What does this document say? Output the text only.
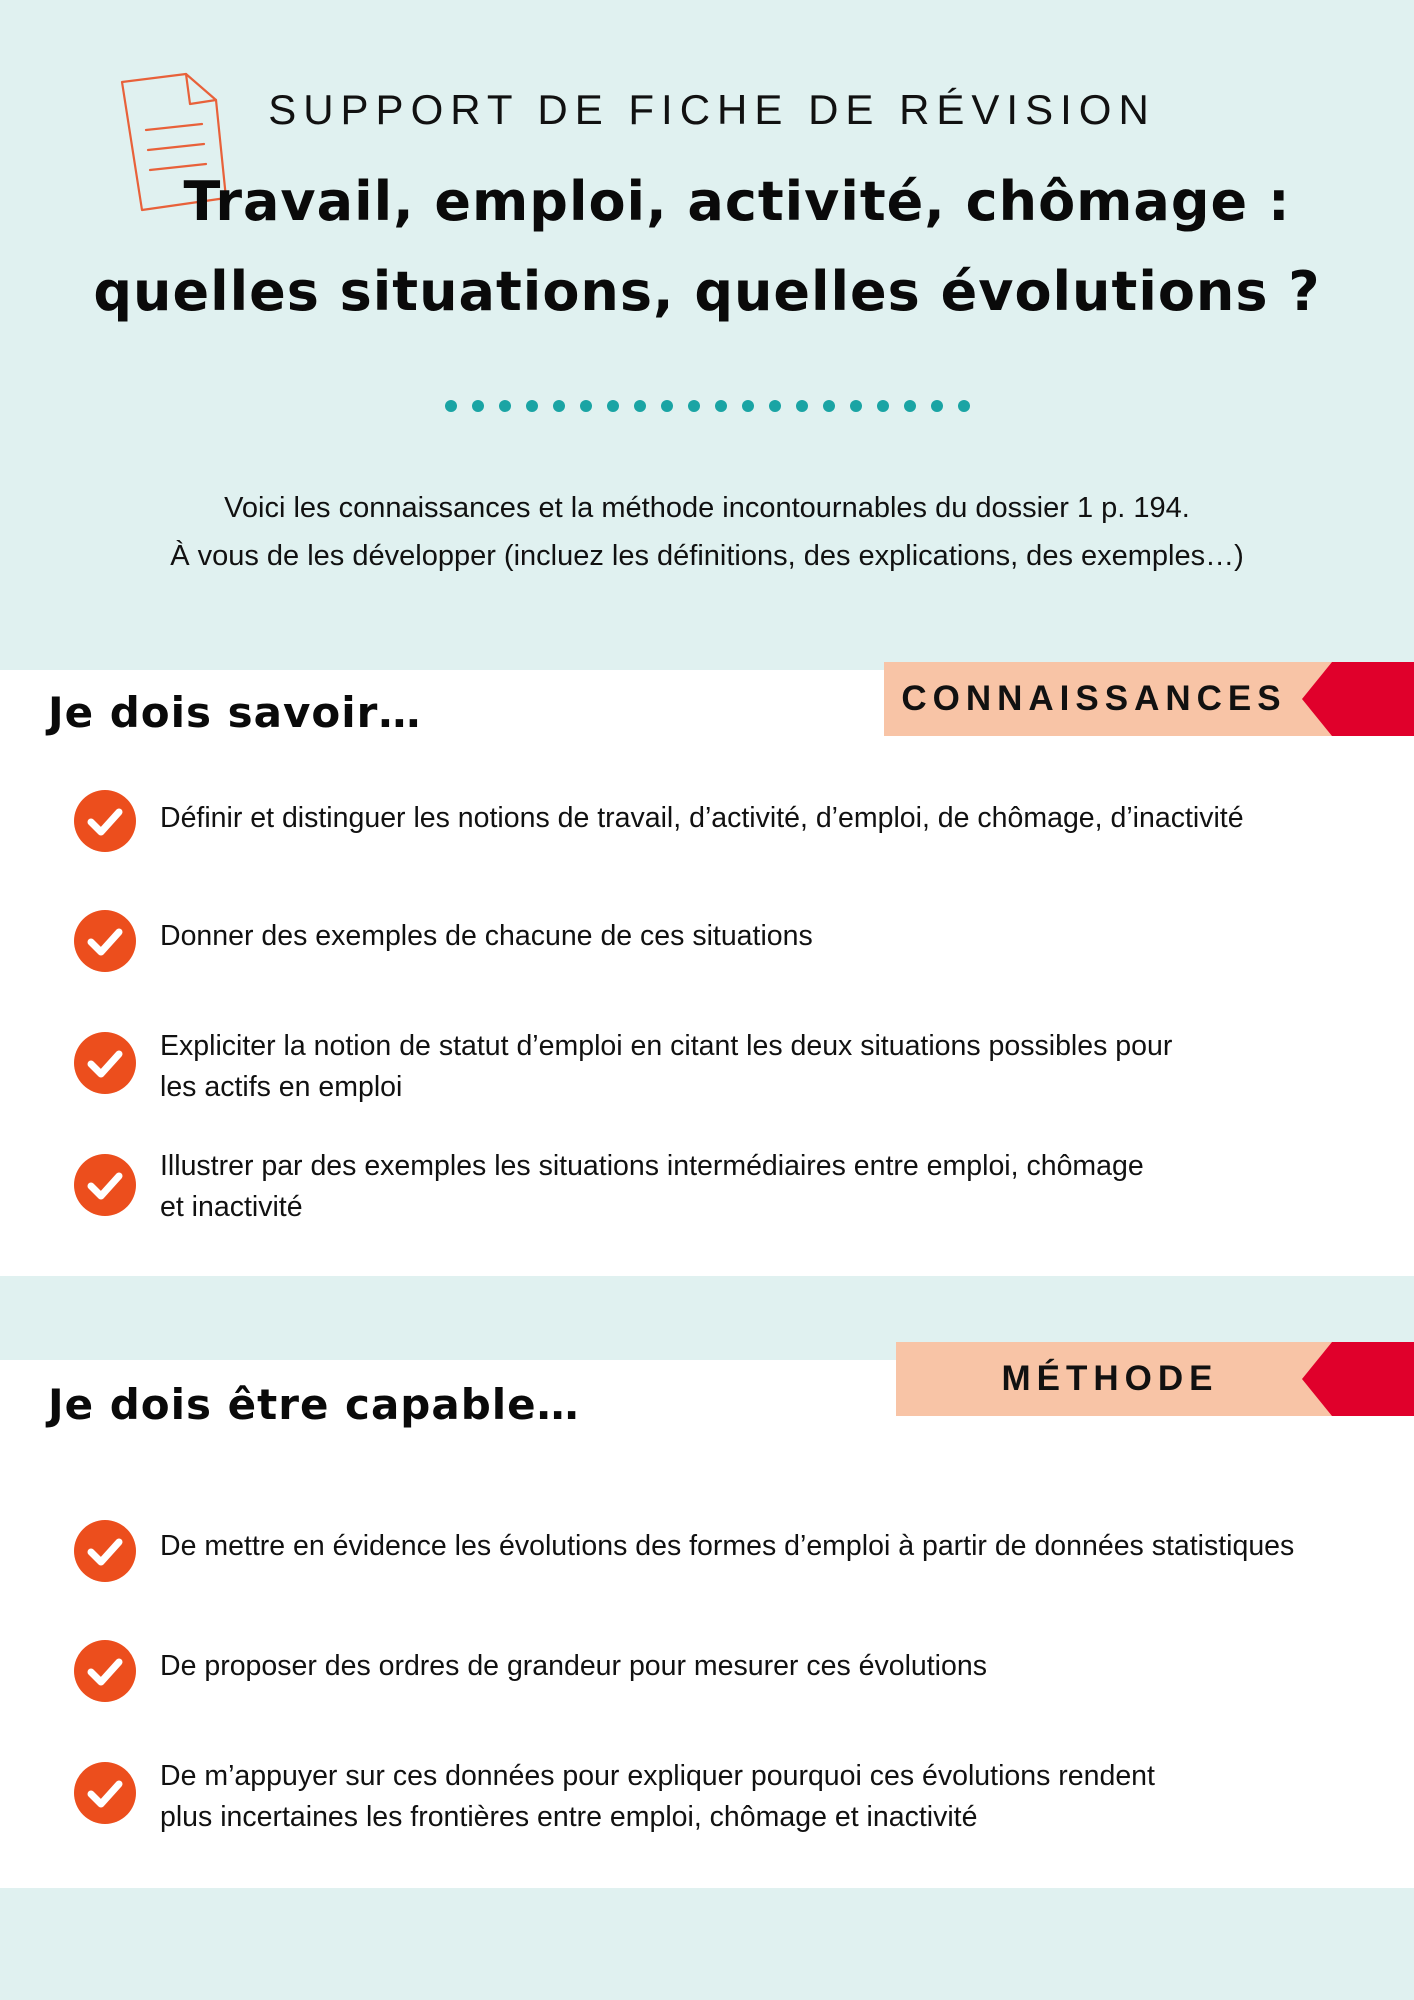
SUPPORT DE FICHE DE RÉVISION
Travail, emploi, activité, chômage :
quelles situations, quelles évolutions ?
Voici les connaissances et la méthode incontournables du dossier 1 p. 194.
À vous de les développer (incluez les définitions, des explications, des exemples…)
Je dois savoir…	CONNAISSANCES
Définir et distinguer les notions de travail, d’activité, d’emploi, de chômage, d’inactivité
Donner des exemples de chacune de ces situations
Expliciter la notion de statut d’emploi en citant les deux situations possibles pour
les actifs en emploi
Illustrer par des exemples les situations intermédiaires entre emploi, chômage
et inactivité
Je dois être capable…
MÉTHODE
De mettre en évidence les évolutions des formes d’emploi à partir de données statistiques
De proposer des ordres de grandeur pour mesurer ces évolutions
De m’appuyer sur ces données pour expliquer pourquoi ces évolutions rendent
plus incertaines les frontières entre emploi, chômage et inactivité
